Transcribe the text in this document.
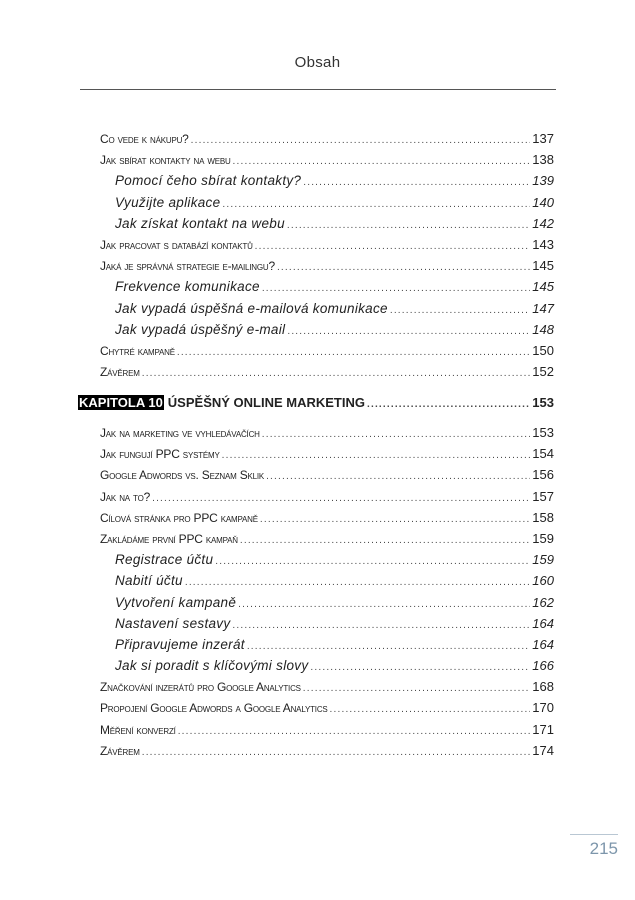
Obsah
Co vede k nákupu? .....	137
Jak sbírat kontakty na webu .....	138
Pomocí čeho sbírat kontakty? .....	139
Využijte aplikace .....	140
Jak získat kontakt na webu .....	142
Jak pracovat s databází kontaktů .....	143
Jaká je správná strategie e-mailingu? .....	145
Frekvence komunikace .....	145
Jak vypadá úspěšná e-mailová komunikace .....	147
Jak vypadá úspěšný e-mail .....	148
Chytré kampaně .....	150
Závěrem .....	152
KAPITOLA 10 ÚSPĚŠNÝ ONLINE MARKETING .....	153
Jak na marketing ve vyhledávačích .....	153
Jak fungují PPC systémy .....	154
Google Adwords vs. Seznam Sklik .....	156
Jak na to? .....	157
Cílová stránka pro PPC kampaně .....	158
Zakládáme první PPC kampaň .....	159
Registrace účtu .....	159
Nabití účtu .....	160
Vytvoření kampaně .....	162
Nastavení sestavy .....	164
Připravujeme inzerát .....	164
Jak si poradit s klíčovými slovy .....	166
Značkování inzerátů pro Google Analytics .....	168
Propojení Google Adwords a Google Analytics .....	170
Měření konverzí .....	171
Závěrem .....	174
215
